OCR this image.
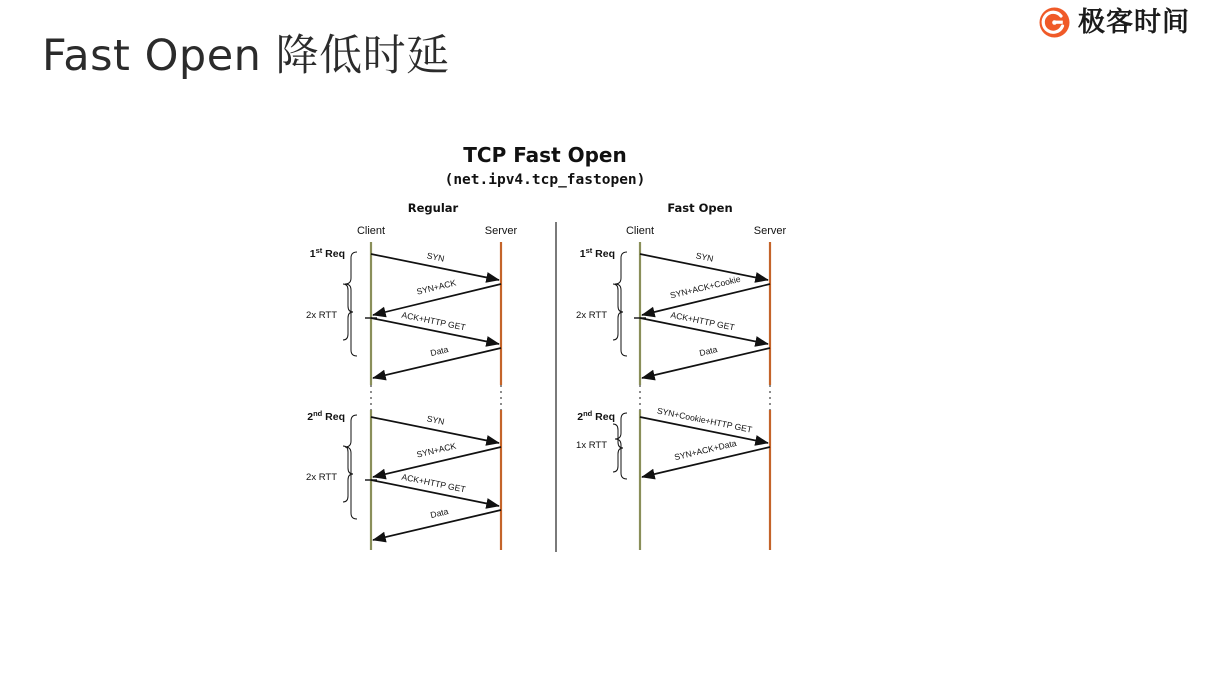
极客时间
Fast Open 降低时延
TCP Fast Open
(net.ipv4.tcp_fastopen)
Regular	Fast Open
Client	Server	Client	Server
1st Req
2x RTT
SYN
SYN+ACK
ACK+HTTP GET
Data
2nd Req
2x RTT
SYN
SYN+ACK
ACK+HTTP GET
Data
1st Req
2x RTT
SYN
SYN+ACK+Cookie
ACK+HTTP GET
Data
2nd Req
1x RTT
SYN+Cookie+HTTP GET
SYN+ACK+Data
